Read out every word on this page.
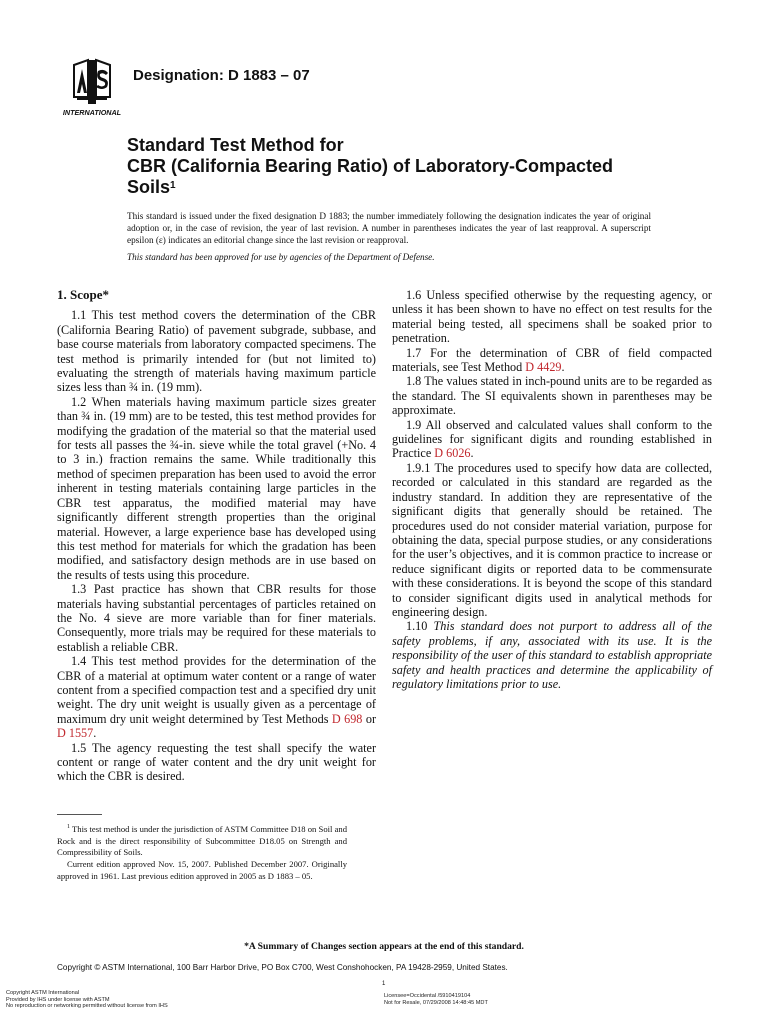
INTERNATIONAL
Designation: D 1883 – 07
Standard Test Method for
CBR (California Bearing Ratio) of Laboratory-Compacted
Soils$^1$
This standard is issued under the fixed designation D 1883; the number immediately following the designation indicates the year of original adoption or, in the case of revision, the year of last revision. A number in parentheses indicates the year of last reapproval. A superscript epsilon (ε) indicates an editorial change since the last revision or reapproval.
This standard has been approved for use by agencies of the Department of Defense.
1. Scope*

1.1 This test method covers the determination of the CBR (California Bearing Ratio) of pavement subgrade, subbase, and base course materials from laboratory compacted specimens. The test method is primarily intended for (but not limited to) evaluating the strength of materials having maximum particle sizes less than ¾ in. (19 mm).

1.2 When materials having maximum particle sizes greater than ¾ in. (19 mm) are to be tested, this test method provides for modifying the gradation of the material so that the material used for tests all passes the ¾-in. sieve while the total gravel (+No. 4 to 3 in.) fraction remains the same. While traditionally this method of specimen preparation has been used to avoid the error inherent in testing materials containing large particles in the CBR test apparatus, the modified material may have significantly different strength properties than the original material. However, a large experience base has developed using this test method for materials for which the gradation has been modified, and satisfactory design methods are in use based on the results of tests using this procedure.

1.3 Past practice has shown that CBR results for those materials having substantial percentages of particles retained on the No. 4 sieve are more variable than for finer materials. Consequently, more trials may be required for these materials to establish a reliable CBR.

1.4 This test method provides for the determination of the CBR of a material at optimum water content or a range of water content from a specified compaction test and a specified dry unit weight. The dry unit weight is usually given as a percentage of maximum dry unit weight determined by Test Methods D 698 or D 1557.

1.5 The agency requesting the test shall specify the water content or range of water content and the dry unit weight for which the CBR is desired.

1.6 Unless specified otherwise by the requesting agency, or unless it has been shown to have no effect on test results for the material being tested, all specimens shall be soaked prior to penetration.

1.7 For the determination of CBR of field compacted materials, see Test Method D 4429.

1.8 The values stated in inch-pound units are to be regarded as the standard. The SI equivalents shown in parentheses may be approximate.

1.9 All observed and calculated values shall conform to the guidelines for significant digits and rounding established in Practice D 6026.

1.9.1 The procedures used to specify how data are collected, recorded or calculated in this standard are regarded as the industry standard. In addition they are representative of the significant digits that generally should be retained. The procedures used do not consider material variation, purpose for obtaining the data, special purpose studies, or any considerations for the user’s objectives, and it is common practice to increase or reduce significant digits or reported data to be commensurate with these considerations. It is beyond the scope of this standard to consider significant digits used in analytical methods for engineering design.

1.10 This standard does not purport to address all of the safety problems, if any, associated with its use. It is the responsibility of the user of this standard to establish appropriate safety and health practices and determine the applicability of regulatory limitations prior to use.

$^1$ This test method is under the jurisdiction of ASTM Committee D18 on Soil and Rock and is the direct responsibility of Subcommittee D18.05 on Strength and Compressibility of Soils.

Current edition approved Nov. 15, 2007. Published December 2007. Originally approved in 1961. Last previous edition approved in 2005 as D 1883 – 05.

*A Summary of Changes section appears at the end of this standard.
Copyright © ASTM International, 100 Barr Harbor Drive, PO Box C700, West Conshohocken, PA 19428-2959, United States.
1
Copyright ASTM International
Provided by IHS under license with ASTM
No reproduction or networking permitted without license from IHS
Licensee=Occidental /5910419104
Not for Resale, 07/29/2008 14:48:45 MDT
